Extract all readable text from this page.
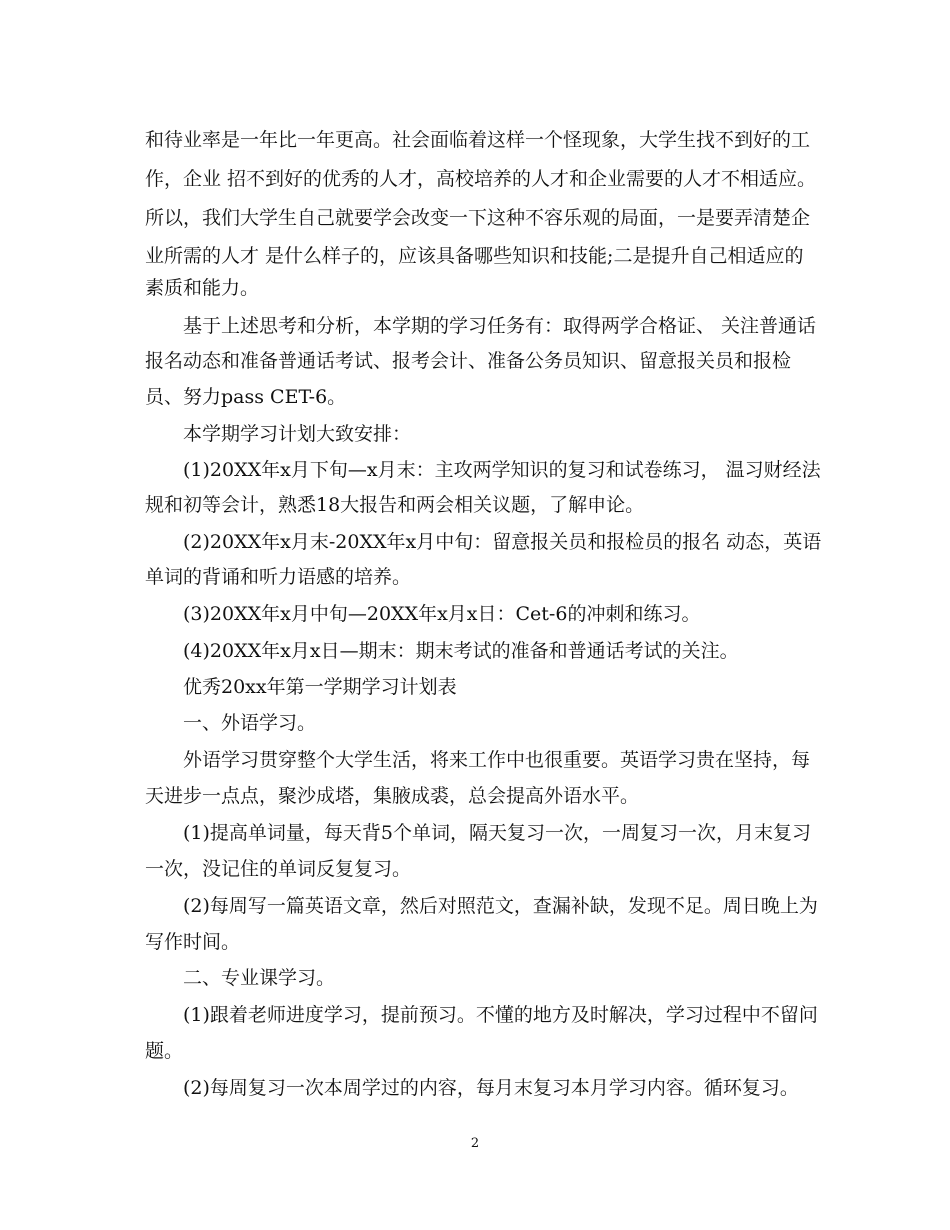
和待业率是一年比一年更高。社会面临着这样一个怪现象，大学生找不到好的工
作，企业 招不到好的优秀的人才，高校培养的人才和企业需要的人才不相适应。
所以，我们大学生自己就要学会改变一下这种不容乐观的局面，一是要弄清楚企
业所需的人才 是什么样子的，应该具备哪些知识和技能;二是提升自己相适应的
素质和能力。
基于上述思考和分析，本学期的学习任务有：取得两学合格证、 关注普通话
报名动态和准备普通话考试、报考会计、准备公务员知识、留意报关员和报检
员、努力pass CET-6。
本学期学习计划大致安排：
(1)20XX年x月下旬—x月末：主攻两学知识的复习和试卷练习， 温习财经法
规和初等会计，熟悉18大报告和两会相关议题，了解申论。
(2)20XX年x月末-20XX年x月中旬：留意报关员和报检员的报名 动态，英语
单词的背诵和听力语感的培养。
(3)20XX年x月中旬—20XX年x月x日：Cet-6的冲刺和练习。
(4)20XX年x月x日—期末：期末考试的准备和普通话考试的关注。
优秀20xx年第一学期学习计划表
一、外语学习。
外语学习贯穿整个大学生活，将来工作中也很重要。英语学习贵在坚持，每
天进步一点点，聚沙成塔，集腋成裘，总会提高外语水平。
(1)提高单词量，每天背5个单词，隔天复习一次，一周复习一次，月末复习
一次，没记住的单词反复复习。
(2)每周写一篇英语文章，然后对照范文，查漏补缺，发现不足。周日晚上为
写作时间。
二、专业课学习。
(1)跟着老师进度学习，提前预习。不懂的地方及时解决，学习过程中不留问
题。
(2)每周复习一次本周学过的内容，每月末复习本月学习内容。循环复习。
2
